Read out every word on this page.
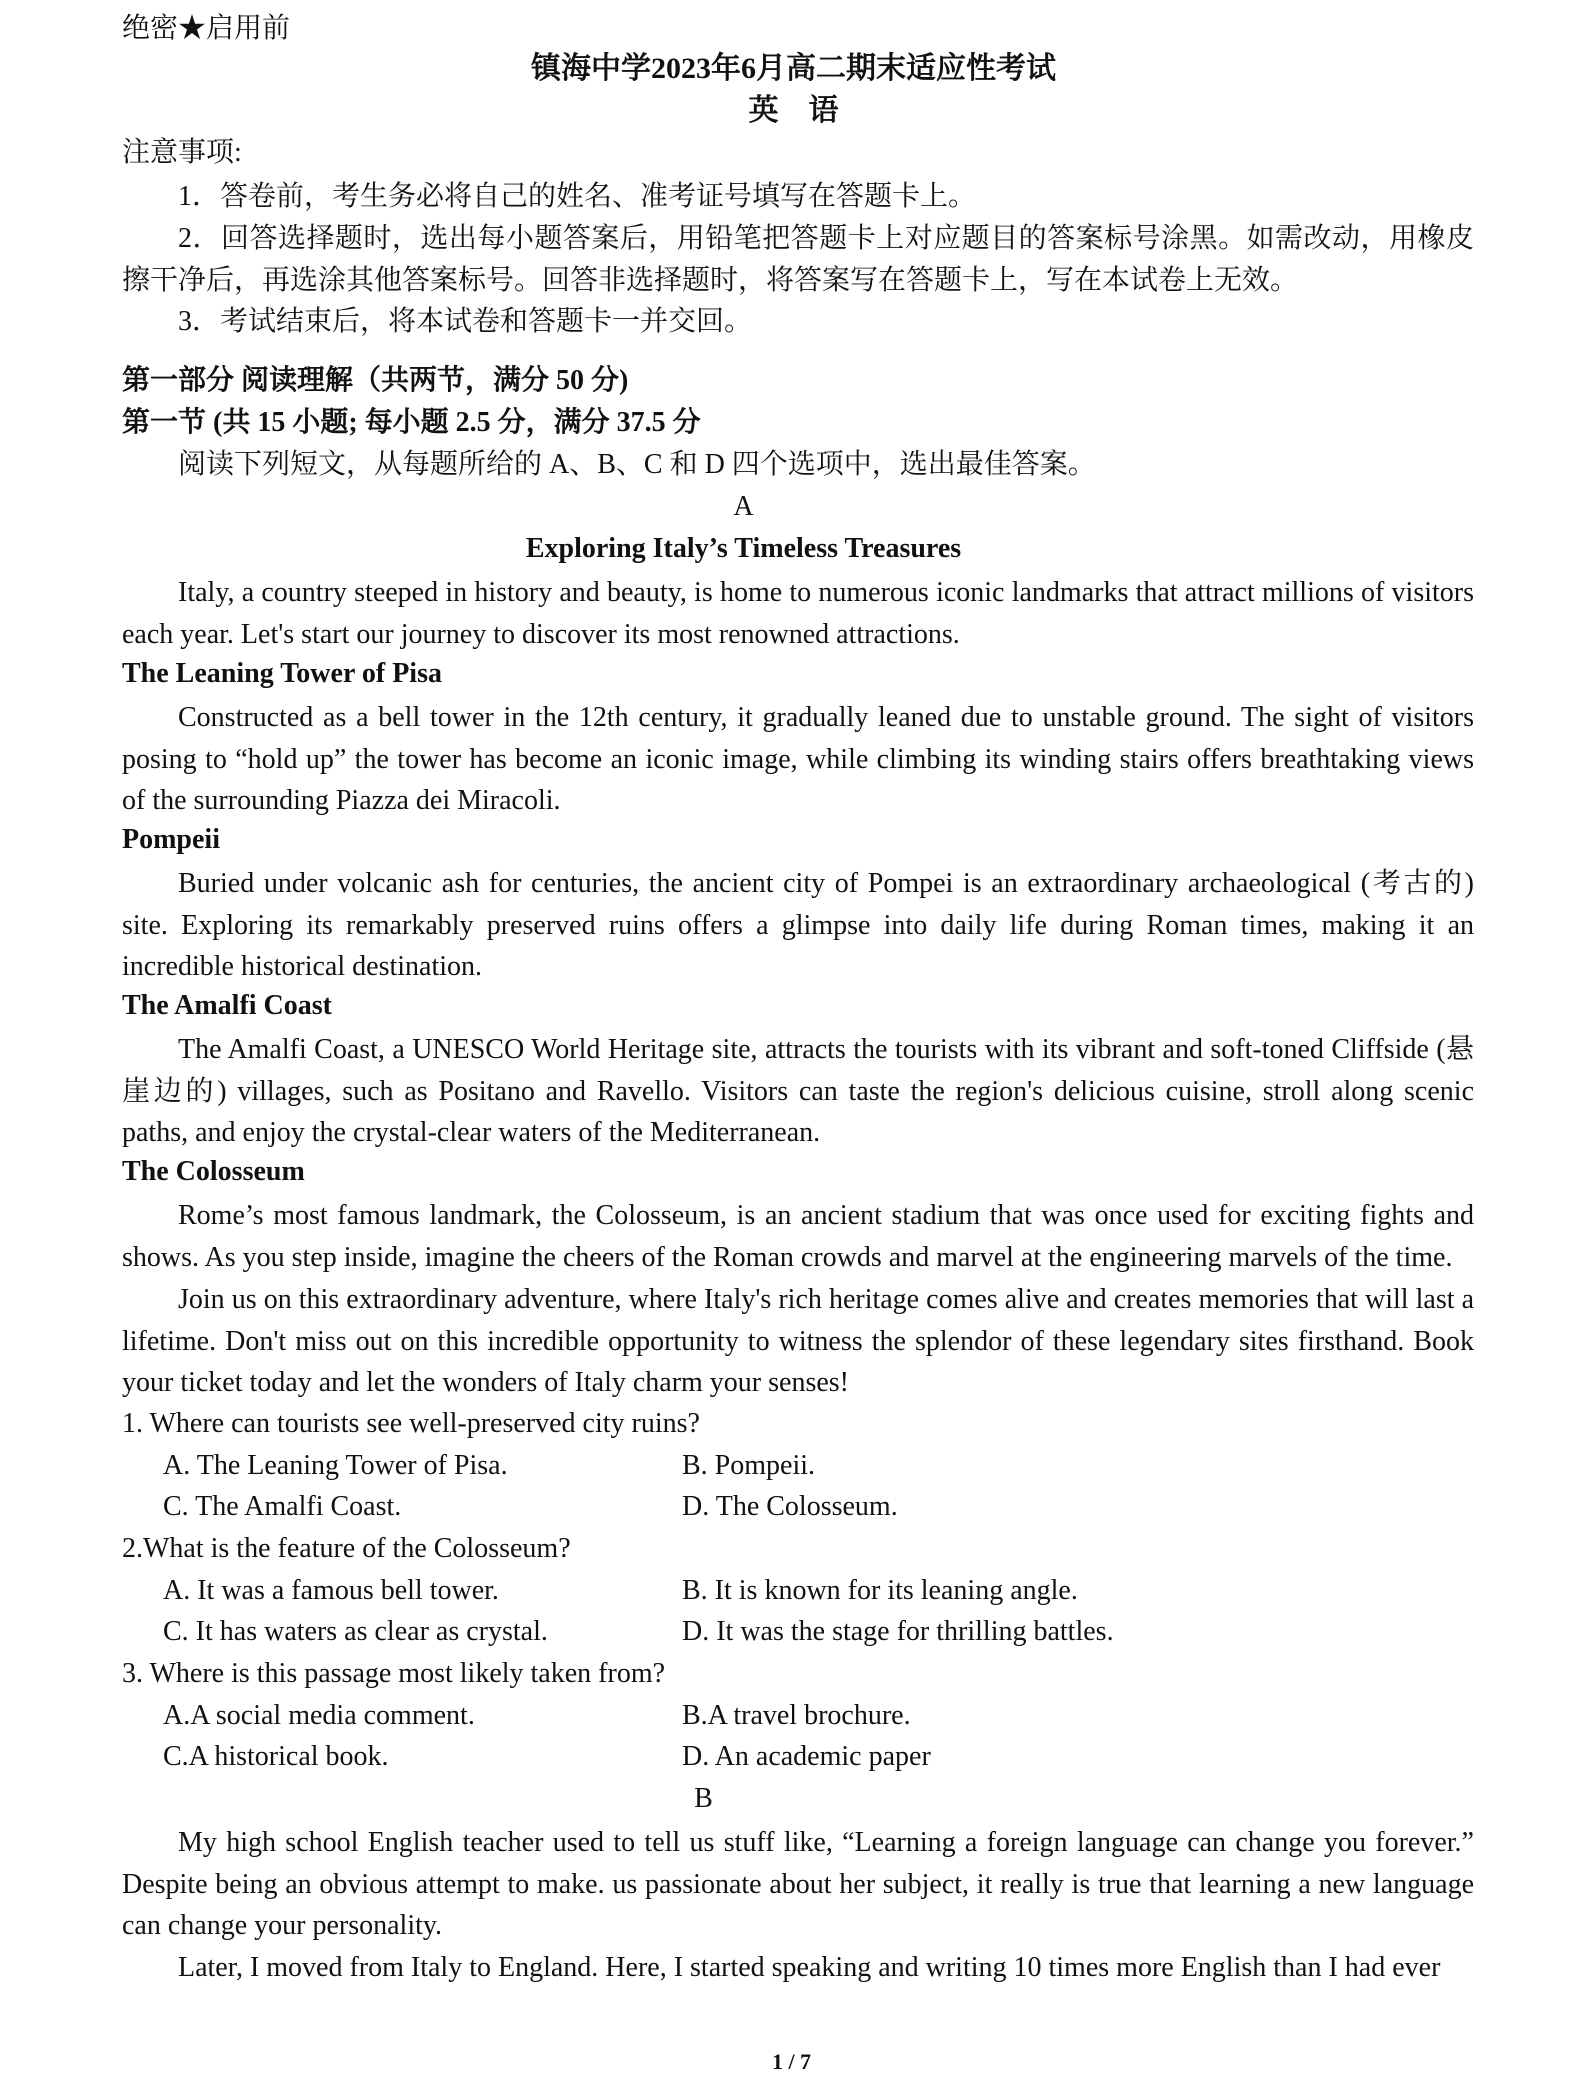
绝密★启用前
镇海中学2023年6月高二期末适应性考试
英　语
注意事项:
1．答卷前，考生务必将自己的姓名、准考证号填写在答题卡上。
2．回答选择题时，选出每小题答案后，用铅笔把答题卡上对应题目的答案标号涂黑。如需改动，用橡皮擦干净后，再选涂其他答案标号。回答非选择题时，将答案写在答题卡上，写在本试卷上无效。
3．考试结束后，将本试卷和答题卡一并交回。
第一部分 阅读理解（共两节，满分 50 分)
第一节 (共 15 小题; 每小题 2.5 分，满分 37.5 分
阅读下列短文，从每题所给的 A、B、C 和 D 四个选项中，选出最佳答案。
A
Exploring Italy’s Timeless Treasures
Italy, a country steeped in history and beauty, is home to numerous iconic landmarks that attract millions of visitors each year. Let's start our journey to discover its most renowned attractions.
The Leaning Tower of Pisa
Constructed as a bell tower in the 12th century, it gradually leaned due to unstable ground. The sight of visitors posing to “hold up” the tower has become an iconic image, while climbing its winding stairs offers breathtaking views of the surrounding Piazza dei Miracoli.
Pompeii
Buried under volcanic ash for centuries, the ancient city of Pompei is an extraordinary archaeological (考古的) site. Exploring its remarkably preserved ruins offers a glimpse into daily life during Roman times, making it an incredible historical destination.
The Amalfi Coast
The Amalfi Coast, a UNESCO World Heritage site, attracts the tourists with its vibrant and soft-toned Cliffside (悬崖边的) villages, such as Positano and Ravello. Visitors can taste the region's delicious cuisine, stroll along scenic paths, and enjoy the crystal-clear waters of the Mediterranean.
The Colosseum
Rome’s most famous landmark, the Colosseum, is an ancient stadium that was once used for exciting fights and shows. As you step inside, imagine the cheers of the Roman crowds and marvel at the engineering marvels of the time.
Join us on this extraordinary adventure, where Italy's rich heritage comes alive and creates memories that will last a lifetime. Don't miss out on this incredible opportunity to witness the splendor of these legendary sites firsthand. Book your ticket today and let the wonders of Italy charm your senses!
1. Where can tourists see well-preserved city ruins?
A. The Leaning Tower of Pisa.	B. Pompeii.
C. The Amalfi Coast.	D. The Colosseum.
2.What is the feature of the Colosseum?
A. It was a famous bell tower.	B. It is known for its leaning angle.
C. It has waters as clear as crystal.	D. It was the stage for thrilling battles.
3. Where is this passage most likely taken from?
A.A social media comment.	B.A travel brochure.
C.A historical book.	D. An academic paper
B
My high school English teacher used to tell us stuff like, “Learning a foreign language can change you forever.” Despite being an obvious attempt to make. us passionate about her subject, it really is true that learning a new language can change your personality.
Later, I moved from Italy to England. Here, I started speaking and writing 10 times more English than I had ever
1 / 7
